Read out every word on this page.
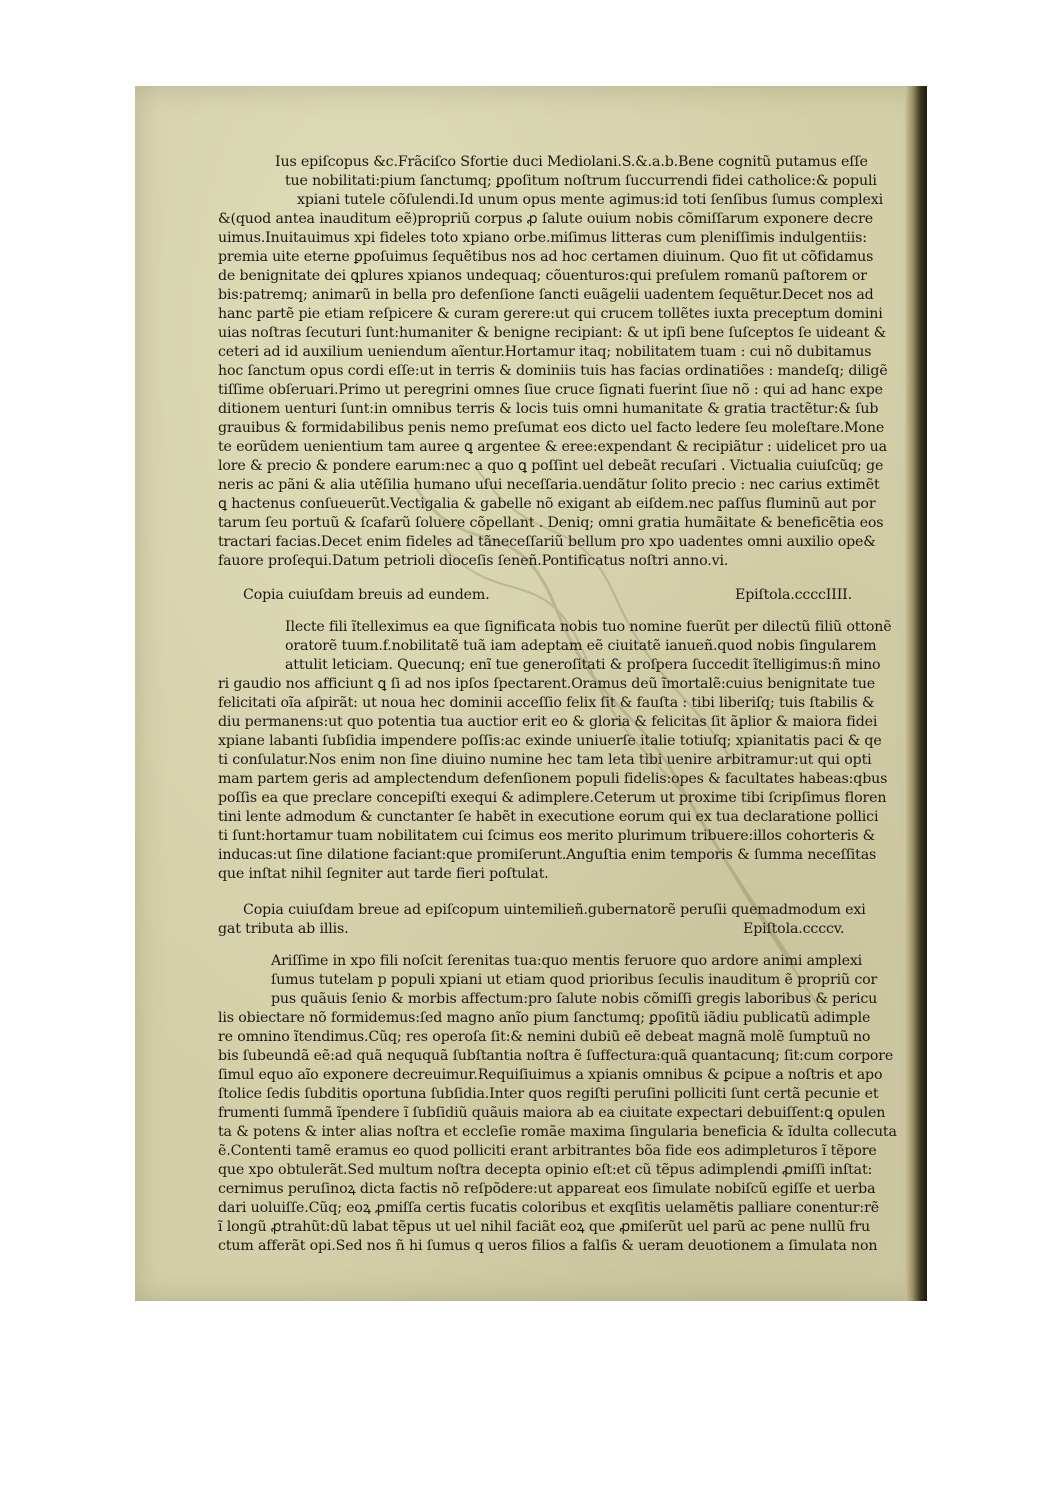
Ius epiſcopus &c.Frãciſco Sfortie duci Mediolani.S.&.a.b.Bene cognitũ putamus eſſe
tue nobilitati:pium ſanctumq; ꝑpoſitum noſtrum ſuccurrendi fidei catholice:& populi
xpiani tutele cõſulendi.Id unum opus mente agimus:id toti ſenſibus ſumus complexi
&(quod antea inauditum eẽ)propriũ corpus ꝓ ſalute ouium nobis cõmiſſarum exponere decre
uimus.Inuitauimus xpi fideles toto xpiano orbe.miſimus litteras cum pleniſſimis indulgentiis:
premia uite eterne ꝑpoſuimus ſequẽtibus nos ad hoc certamen diuinum. Quo fit ut cõfidamus
de benignitate dei ꝗplures xpianos undequaq; cõuenturos:qui preſulem romanũ paſtorem or
bis:patremq; animarũ in bella pro defenſione ſancti euãgelii uadentem ſequẽtur.Decet nos ad
hanc partẽ pie etiam reſpicere & curam gerere:ut qui crucem tollẽtes iuxta preceptum domini
uias noſtras ſecuturi ſunt:humaniter & benigne recipiant: & ut ipſi bene ſuſceptos ſe uideant &
ceteri ad id auxilium ueniendum aĩentur.Hortamur itaq; nobilitatem tuam : cui nõ dubitamus
hoc ſanctum opus cordi eſſe:ut in terris & dominiis tuis has facias ordinatiões : mandeſq; diligẽ
tiſſime obſeruari.Primo ut peregrini omnes ſiue cruce ſignati fuerint ſiue nõ : qui ad hanc expe
ditionem uenturi ſunt:in omnibus terris & locis tuis omni humanitate & gratia tractẽtur:& ſub
grauibus & formidabilibus penis nemo preſumat eos dicto uel facto ledere ſeu moleſtare.Mone
te eorũdem uenientium tam auree ꝗ argentee & eree:expendant & recipiãtur : uidelicet pro ua
lore & precio & pondere earum:nec a quo ꝗ poſſint uel debeãt recuſari . Victualia cuiuſcũq; ge
neris ac pãni & alia utẽſilia humano uſui neceſſaria.uendãtur ſolito precio : nec carius extimẽt
ꝗ hactenus conſueuerũt.Vectigalia & gabelle nõ exigant ab eiſdem.nec paſſus fluminũ aut por
tarum ſeu portuũ & ſcafarũ ſoluere cõpellant . Deniq; omni gratia humãitate & beneficẽtia eos
tractari facias.Decet enim fideles ad tãneceſſariũ bellum pro xpo uadentes omni auxilio ope&
fauore proſequi.Datum petrioli dioceſis ſeneñ.Pontificatus noſtri anno.vi.
Copia cuiuſdam breuis ad eundem.	Epiſtola.ccccIIII.
Ilecte fili ĩtelleximus ea que ſignificata nobis tuo nomine fuerũt per dilectũ filiũ ottonẽ
oratorẽ tuum.f.nobilitatẽ tuã iam adeptam eẽ ciuitatẽ ianueñ.quod nobis ſingularem
attulit leticiam. Quecunq; enĩ tue generoſitati & proſpera ſuccedit ĩtelligimus:ñ mino
ri gaudio nos afficiunt ꝗ ſi ad nos ipſos ſpectarent.Oramus deũ ĩmortalẽ:cuius benignitate tue
felicitati oĩa aſpirãt: ut noua hec dominii acceſſio felix ſit & fauſta : tibi liberiſq; tuis ſtabilis &
diu permanens:ut quo potentia tua auctior erit eo & gloria & felicitas ſit ãplior & maiora fidei
xpiane labanti ſubſidia impendere poſſis:ac exinde uniuerſe italie totiuſq; xpianitatis paci & qe
ti conſulatur.Nos enim non ſine diuino numine hec tam leta tibi uenire arbitramur:ut qui opti
mam partem geris ad amplectendum defenſionem populi fidelis:opes & facultates habeas:qbus
poſſis ea que preclare concepiſti exequi & adimplere.Ceterum ut proxime tibi ſcripſimus floren
tini lente admodum & cunctanter ſe habẽt in executione eorum qui ex tua declaratione pollici
ti ſunt:hortamur tuam nobilitatem cui ſcimus eos merito plurimum tribuere:illos cohorteris &
inducas:ut ſine dilatione faciant:que promiſerunt.Anguſtia enim temporis & ſumma neceſſitas
que inſtat nihil ſegniter aut tarde fieri poſtulat.
Copia cuiuſdam breue ad epiſcopum uintemilieñ.gubernatorẽ peruſii quemadmodum exi
gat tributa ab illis.	Epiſtola.ccccv.
Ariſſime in xpo fili noſcit ſerenitas tua:quo mentis feruore quo ardore animi amplexi
ſumus tutelam p populi xpiani ut etiam quod prioribus ſeculis inauditum ẽ propriũ cor
pus quãuis ſenio & morbis affectum:pro ſalute nobis cõmiſſi gregis laboribus & pericu
lis obiectare nõ formidemus:ſed magno anĩo pium ſanctumq; ꝑpoſitũ iãdiu publicatũ adimple
re omnino ĩtendimus.Cũq; res operoſa ſit:& nemini dubiũ eẽ debeat magnã molẽ ſumptuũ no
bis ſubeundã eẽ:ad quã neququã ſubſtantia noſtra ẽ ſuffectura:quã quantacunq; ſit:cum corpore
ſimul equo aĩo exponere decreuimur.Requiſiuimus a xpianis omnibus & ꝑcipue a noſtris et apo
ſtolice ſedis ſubditis oportuna ſubſidia.Inter quos regiſti peruſini polliciti ſunt certã pecunie et
frumenti ſummã ĩpendere ĩ ſubſidiũ quãuis maiora ab ea ciuitate expectari debuiſſent:ꝗ opulen
ta & potens & inter alias noſtra et eccleſie romãe maxima ſingularia beneficia & ĩdulta collecuta
ẽ.Contenti tamẽ eramus eo quod polliciti erant arbitrantes bõa fide eos adimpleturos ĩ tẽpore
que xpo obtulerãt.Sed multum noſtra decepta opinio eſt:et cũ tẽpus adimplendi ꝓmiſſi inſtat:
cernimus peruſinoꝝ dicta factis nõ reſpõdere:ut appareat eos ſimulate nobiſcũ egiſſe et uerba
dari uoluiſſe.Cũq; eoꝝ ꝓmiſſa certis fucatis coloribus et exqſitis uelamẽtis palliare conentur:rẽ
ĩ longũ ꝓtrahũt:dũ labat tẽpus ut uel nihil faciãt eoꝝ que ꝓmiſerũt uel parũ ac pene nullũ fru
ctum afferãt opi.Sed nos ñ hi ſumus q ueros filios a falſis & ueram deuotionem a ſimulata non
